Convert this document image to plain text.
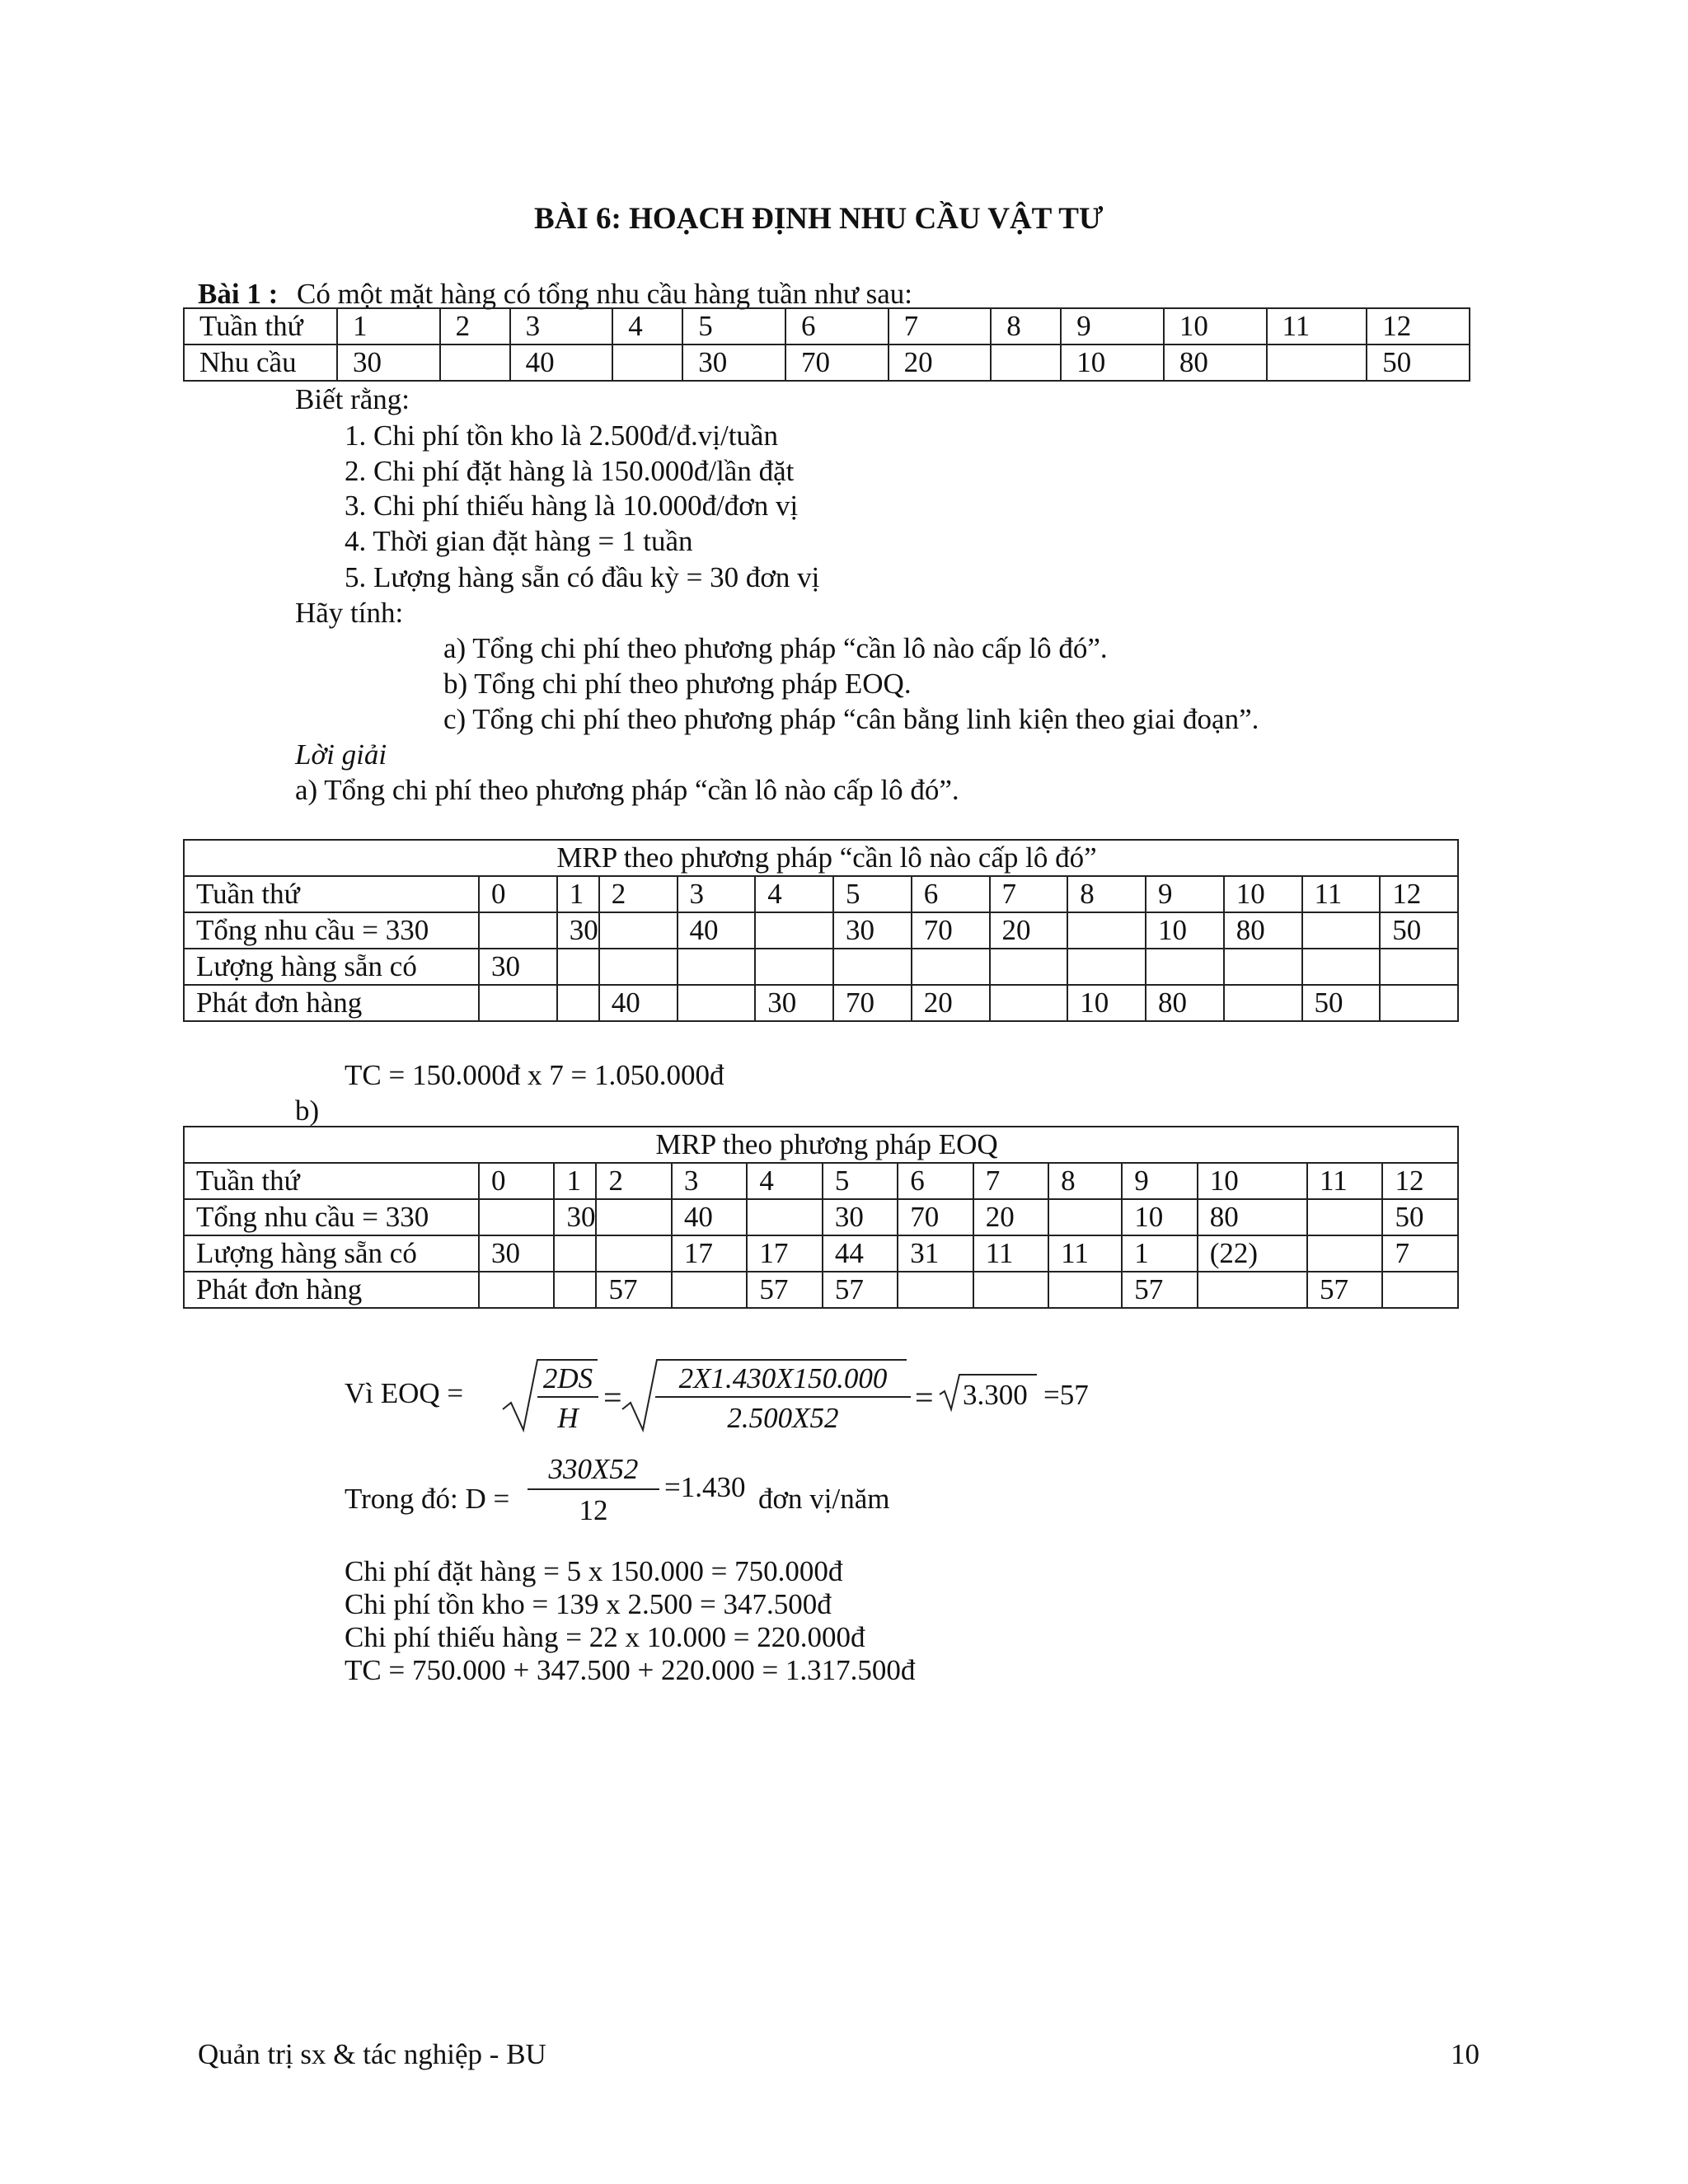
BÀI 6: HOẠCH ĐỊNH NHU CẦU VẬT TƯ
Bài 1 : Có một mặt hàng có tổng nhu cầu hàng tuần như sau:
Tuần thứ	1	2	3	4	5	6	7	8	9	10	11	12
Nhu cầu	30		40		30	70	20		10	80		50
Biết rằng:
1. Chi phí tồn kho là 2.500đ/đ.vị/tuần
2. Chi phí đặt hàng là 150.000đ/lần đặt
3. Chi phí thiếu hàng là 10.000đ/đơn vị
4. Thời gian đặt hàng = 1 tuần
5. Lượng hàng sẵn có đầu kỳ = 30 đơn vị
Hãy tính:
a) Tổng chi phí theo phương pháp “cần lô nào cấp lô đó”.
b) Tổng chi phí theo phương pháp EOQ.
c) Tổng chi phí theo phương pháp “cân bằng linh kiện theo giai đoạn”.
Lời giải
a) Tổng chi phí theo phương pháp “cần lô nào cấp lô đó”.
MRP theo phương pháp “cần lô nào cấp lô đó”													
Tuần thứ	0	1	2	3	4	5	6	7	8	9	10	11	12
Tổng nhu cầu = 330		30		40		30	70	20		10	80		50
Lượng hàng sẵn có	30												
Phát đơn hàng			40		30	70	20		10	80		50	
TC = 150.000đ x 7 = 1.050.000đ
b)
MRP theo phương pháp EOQ													
Tuần thứ	0	1	2	3	4	5	6	7	8	9	10	11	12
Tổng nhu cầu = 330		30		40		30	70	20		10	80		50
Lượng hàng sẵn có	30			17	17	44	31	11	11	1	(22)		7
Phát đơn hàng			57		57	57				57		57	
Vì EOQ =	2DS
H
=
2X1.430X150.000
2.500X52
= 3.300 =57
Trong đó: D =
330X52
12
=1.430 đơn vị/năm
Chi phí đặt hàng = 5 x 150.000 = 750.000đ
Chi phí tồn kho = 139 x 2.500 = 347.500đ
Chi phí thiếu hàng = 22 x 10.000 = 220.000đ
TC = 750.000 + 347.500 + 220.000 = 1.317.500đ
Quản trị sx & tác nghiệp - BU	10
